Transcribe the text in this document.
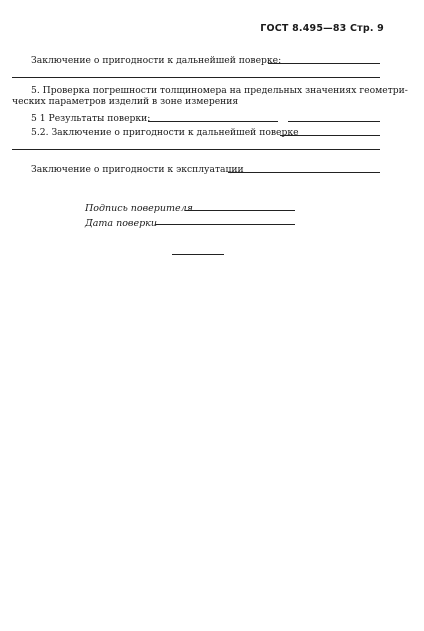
ГОСТ 8.495—83 Стр. 9
Заключение о пригодности к дальнейшей поверке:
5. Проверка погрешности толщиномера на предельных значениях геометри-
ческих параметров изделий в зоне измерения
5 1 Результаты поверки:
5.2. Заключение о пригодности к дальнейшей поверке
Заключение о пригодности к эксплуатации
Подпись поверителя
Дата поверки
